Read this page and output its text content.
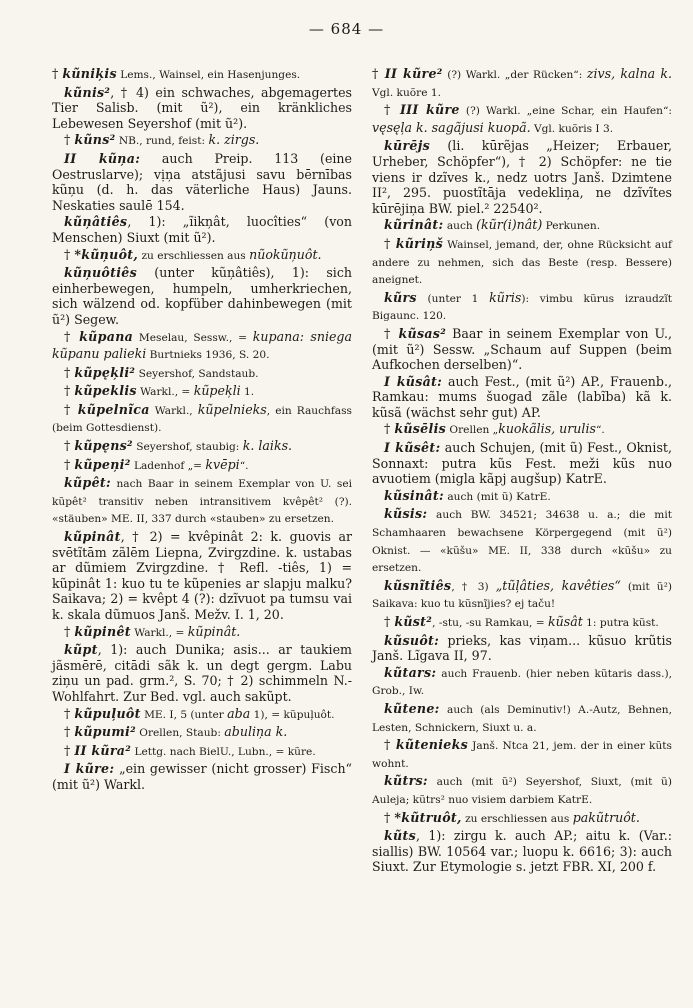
— 684 —

† kũniķis Lems., Wainsel, ein Hasenjunges.

kũnis², † 4) ein schwaches, abgemagertes Tier Salisb. (mit ũ²), ein kränkliches Lebewesen Seyershof (mit ũ²).

† kũns² NB., rund, feist: k. zirgs.

II kũņa: auch Preip. 113 (eine Oestruslarve); vịņa atstãjusi savu bērnības kũņu (d. h. das väterliche Haus) Jauns. Neskaties saulē 154.

kũņâtiês, 1): „ĩikņât, luocîties“ (von Menschen) Siuxt (mit ũ²).

† *kũņuôt, zu erschliessen aus nũokũņuôt.

kũņuôtiês (unter kũņâtiês), 1): sich einherbewegen, humpeln, umherkriechen, sich wälzend od. kopfüber dahinbewegen (mit ũ²) Segew.

† kũpana Meselau, Sessw., = kupana: sniega kũpanu palieki Burtnieks 1936, S. 20.

† kũpęķli² Seyershof, Sandstaub.

† kũpeklis Warkl., = kũpeķli 1.

† kũpelnĩca Warkl., kũpelnieks, ein Rauchfass (beim Gottesdienst).

† kũpęns² Seyershof, staubig: k. laiks.

† kũpeņi² Ladenhof „= kvēpi“.

kũpêt: nach Baar in seinem Exemplar von U. sei kũpêt² transitiv neben intransitivem kvêpêt² (?). «stäuben» ME. II, 337 durch «stauben» zu ersetzen.

kũpinât, † 2) = kvêpinât 2: k. guovis ar svētĩtām zãlēm Liepna, Zvirgzdine. k. ustabas ar dũmiem Zvirgzdine. † Refl. -tiês, 1) = kũpinât 1: kuo tu te kũpenies ar slapju malku? Saikava; 2) = kvêpt 4 (?): dzĩvuot pa tumsu vai k. skala dũmuos Janš. Mežv. I. 1, 20.

† kũpinêt Warkl., = kũpinât.

kũpt, 1): auch Dunika; asis... ar taukiem jãsmērē, citādi sãk k. un degt gergm. Labu ziņu un pad. grm.², S. 70; † 2) schimmeln N.-Wohlfahrt. Zur Bed. vgl. auch sakũpt.

† kũpuļuôt ME. I, 5 (unter aba 1), = kũpuļuôt.

† kũpumi² Orellen, Staub: abuliņa k.

† II kũra² Lettg. nach BielU., Lubn., = kũre.

I kũre: „ein gewisser (nicht grosser) Fisch“ (mit ũ²) Warkl.

† II kũre² (?) Warkl. „der Rücken“: zivs, kalna k. Vgl. kuõre 1.

† III kũre (?) Warkl. „eine Schar, ein Haufen“: vęsęļa k. sagãjusi kuopã. Vgl. kuõris I 3.

kūrējs (li. kūrẽjas „Heizer; Erbauer, Urheber, Schöpfer“), † 2) Schöpfer: ne tie viens ir dzĩves k., nedz uotrs Janš. Dzimtene II², 295. puostĩtāja vedekliņa, ne dzĩvĩtes kūrējiņa BW. piel.² 22540².

kũrinât: auch (kũr(i)nât) Perkunen.

† kũriņš Wainsel, jemand, der, ohne Rücksicht auf andere zu nehmen, sich das Beste (resp. Bessere) aneignet.

kũrs (unter 1 kũris): vimbu kũrus izraudzĩt Bigaunc. 120.

† kũsas² Baar in seinem Exemplar von U., (mit ũ²) Sessw. „Schaum auf Suppen (beim Aufkochen derselben)“.

I kũsât: auch Fest., (mit ũ²) AP., Frauenb., Ramkau: mums šuogad zãle (labĩba) kã k. kũsã (wächst sehr gut) AP.

† kũsēlis Orellen „kuokãlis, urulis“.

I kũsêt: auch Schujen, (mit ũ) Fest., Oknist, Sonnaxt: putra kũs Fest. meži kũs nuo avuotiem (migla kãpj augšup) KatrE.

kũsinât: auch (mit ũ) KatrE.

kũsis: auch BW. 34521; 34638 u. a.; die mit Schamhaaren bewachsene Körpergegend (mit ũ²) Oknist. — «kũšu» ME. II, 338 durch «kũšu» zu ersetzen.

kũsnĩtiês, † 3) „tũļâties, kavêties“ (mit ũ²) Saikava: kuo tu kũsnĩjies? ej taču!

† kũst², -stu, -su Ramkau, = kũsât 1: putra kũst.

kũsuôt: prieks, kas viņam... kũsuo krũtis Janš. Lĩgava II, 97.

kũtars: auch Frauenb. (hier neben kũtaris dass.), Grob., Iw.

kũtene: auch (als Deminutiv!) A.-Autz, Behnen, Lesten, Schnickern, Siuxt u. a.

† kũtenieks Janš. Ntca 21, jem. der in einer kũts wohnt.

kũtrs: auch (mit ũ²) Seyershof, Siuxt, (mit ũ) Auleja; kũtrs² nuo visiem darbiem KatrE.

† *kũtruôt, zu erschliessen aus pakũtruôt.

kũts, 1): zirgu k. auch AP.; aitu k. (Var.: siallis) BW. 10564 var.; luopu k. 6616; 3): auch Siuxt. Zur Etymologie s. jetzt FBR. XI, 200 f.
